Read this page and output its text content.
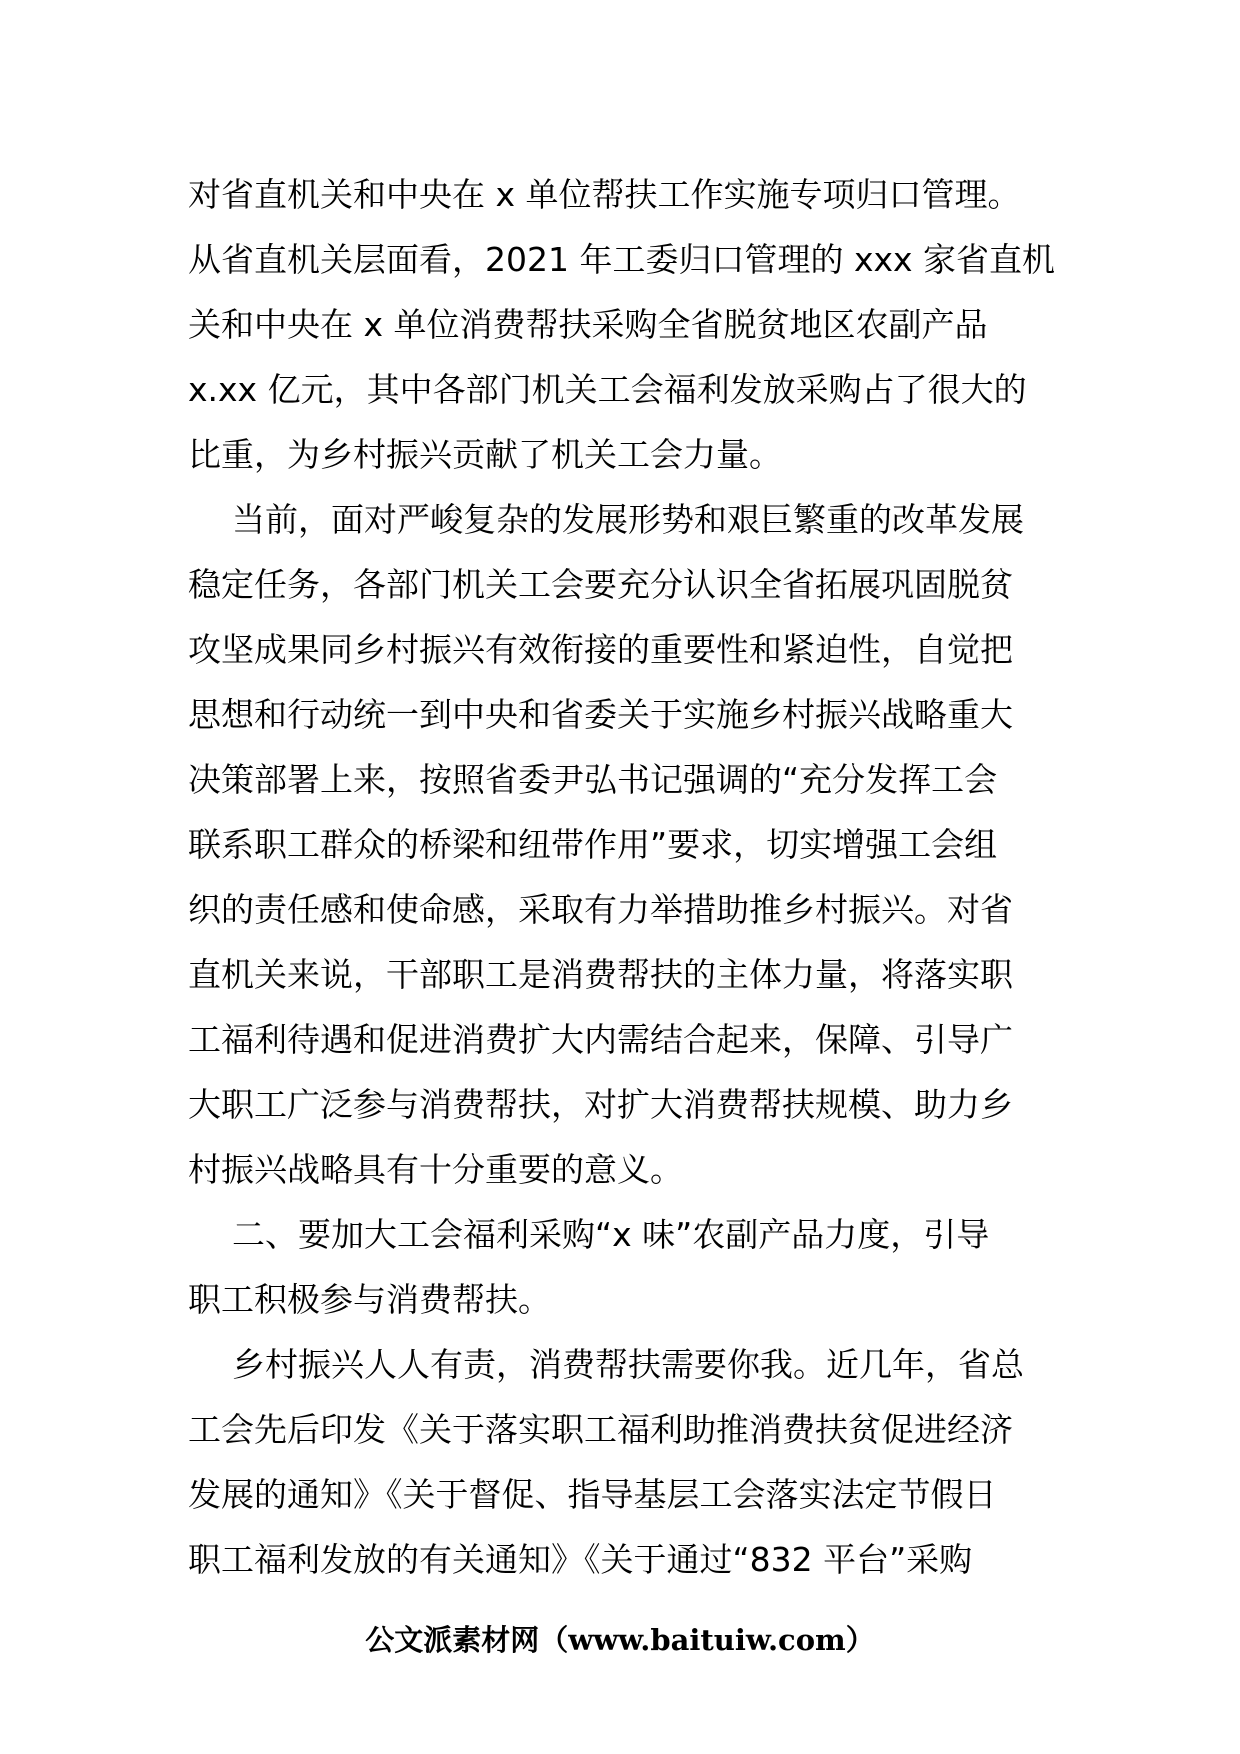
对省直机关和中央在 x 单位帮扶工作实施专项归口管理。
从省直机关层面看，2021 年工委归口管理的 xxx 家省直机
关和中央在 x 单位消费帮扶采购全省脱贫地区农副产品
x.xx 亿元，其中各部门机关工会福利发放采购占了很大的
比重，为乡村振兴贡献了机关工会力量。
当前，面对严峻复杂的发展形势和艰巨繁重的改革发展
稳定任务，各部门机关工会要充分认识全省拓展巩固脱贫
攻坚成果同乡村振兴有效衔接的重要性和紧迫性，自觉把
思想和行动统一到中央和省委关于实施乡村振兴战略重大
决策部署上来，按照省委尹弘书记强调的“充分发挥工会
联系职工群众的桥梁和纽带作用”要求，切实增强工会组
织的责任感和使命感，采取有力举措助推乡村振兴。对省
直机关来说，干部职工是消费帮扶的主体力量，将落实职
工福利待遇和促进消费扩大内需结合起来，保障、引导广
大职工广泛参与消费帮扶，对扩大消费帮扶规模、助力乡
村振兴战略具有十分重要的意义。
二、要加大工会福利采购“x 味”农副产品力度，引导
职工积极参与消费帮扶。
乡村振兴人人有责，消费帮扶需要你我。近几年，省总
工会先后印发《关于落实职工福利助推消费扶贫促进经济
发展的通知》《关于督促、指导基层工会落实法定节假日
职工福利发放的有关通知》《关于通过“832 平台”采购
公文派素材网（www.baituiw.com）
